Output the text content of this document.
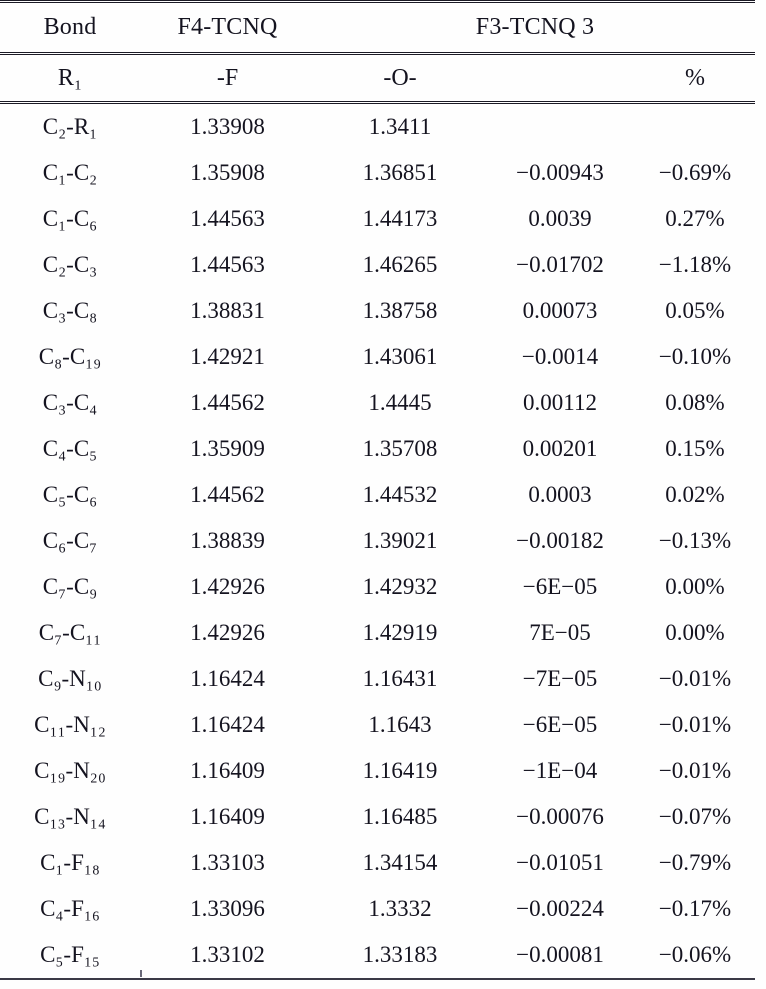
Bond	F4-TCNQ	F3-TCNQ 3		
R₁	-F	-O-		%
C₂-R₁	1.33908	1.3411		
C₁-C₂	1.35908	1.36851	−0.00943	−0.69%
C₁-C₆	1.44563	1.44173	0.0039	0.27%
C₂-C₃	1.44563	1.46265	−0.01702	−1.18%
C₃-C₈	1.38831	1.38758	0.00073	0.05%
C₈-C₁₉	1.42921	1.43061	−0.0014	−0.10%
C₃-C₄	1.44562	1.4445	0.00112	0.08%
C₄-C₅	1.35909	1.35708	0.00201	0.15%
C₅-C₆	1.44562	1.44532	0.0003	0.02%
C₆-C₇	1.38839	1.39021	−0.00182	−0.13%
C₇-C₉	1.42926	1.42932	−6E−05	0.00%
C₇-C₁₁	1.42926	1.42919	7E−05	0.00%
C₉-N₁₀	1.16424	1.16431	−7E−05	−0.01%
C₁₁-N₁₂	1.16424	1.1643	−6E−05	−0.01%
C₁₉-N₂₀	1.16409	1.16419	−1E−04	−0.01%
C₁₃-N₁₄	1.16409	1.16485	−0.00076	−0.07%
C₁-F₁₈	1.33103	1.34154	−0.01051	−0.79%
C₄-F₁₆	1.33096	1.3332	−0.00224	−0.17%
C₅-F₁₅	1.33102	1.33183	−0.00081	−0.06%
